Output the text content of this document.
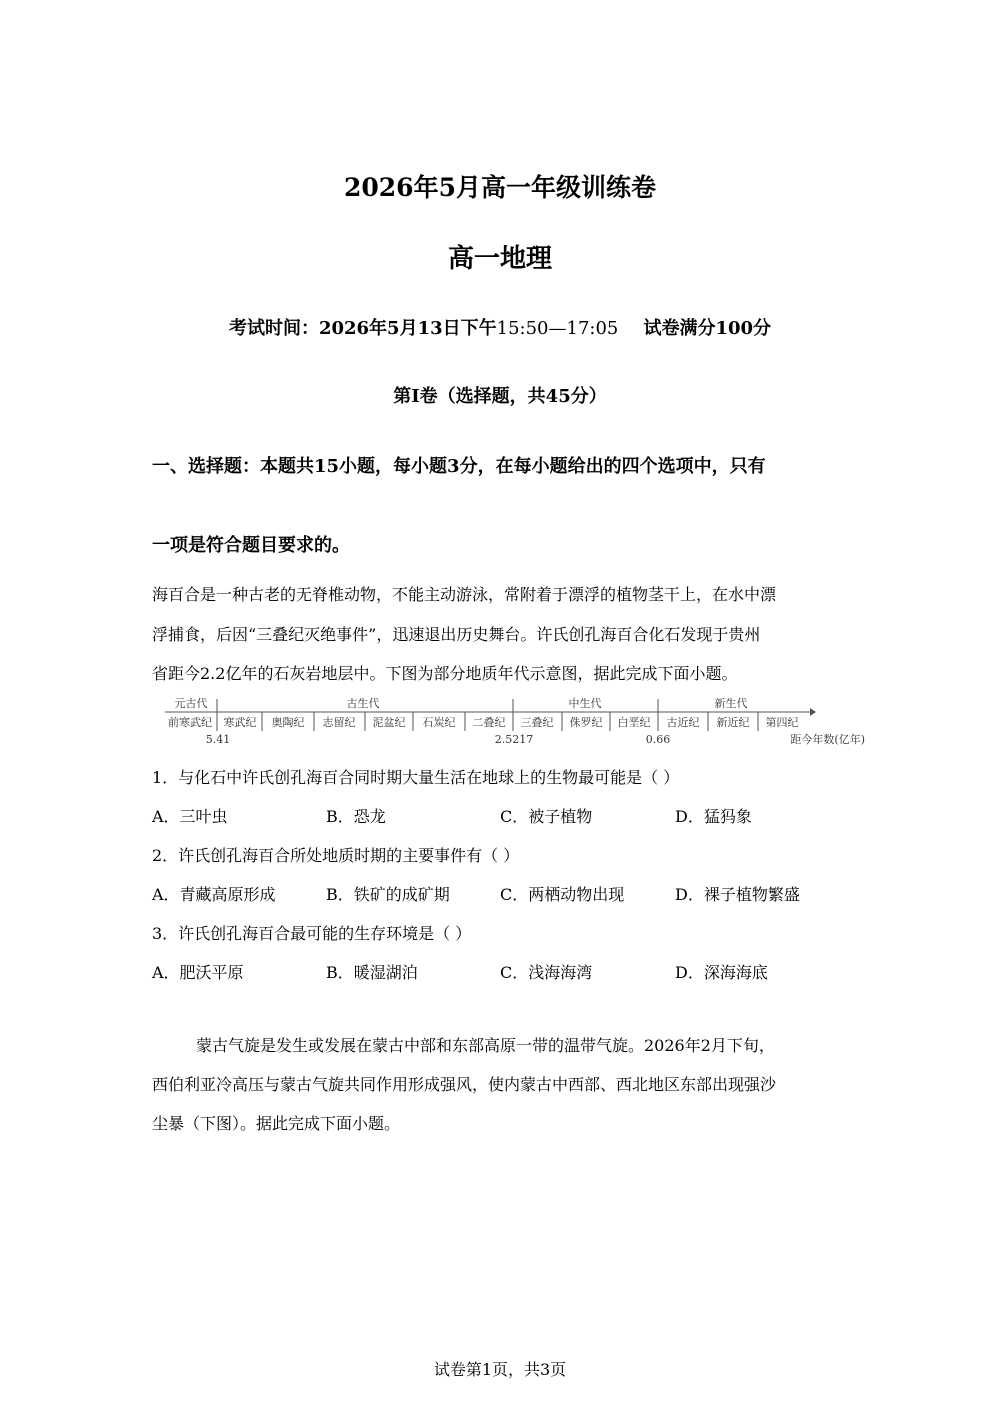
2026年5月高一年级训练卷
高一地理
考试时间：2026年5月13日下午15:50—17:05 试卷满分100分
第Ⅰ卷（选择题，共45分）
一、选择题：本题共15小题，每小题3分，在每小题给出的四个选项中，只有
一项是符合题目要求的。
海百合是一种古老的无脊椎动物，不能主动游泳，常附着于漂浮的植物茎干上，在水中漂
浮捕食，后因“三叠纪灭绝事件”，迅速退出历史舞台。许氏创孔海百合化石发现于贵州
省距今2.2亿年的石灰岩地层中。下图为部分地质年代示意图，据此完成下面小题。
元古代	古生代	中生代	新生代
前寒武纪 寒武纪 奥陶纪 志留纪 泥盆纪 石炭纪 二叠纪 三叠纪 侏罗纪 白垩纪 古近纪 新近纪 第四纪
5.41	2.5217	0.66	距今年数(亿年)
1．与化石中许氏创孔海百合同时期大量生活在地球上的生物最可能是（ ）
A．三叶虫	B．恐龙	C．被子植物	D．猛犸象
2．许氏创孔海百合所处地质时期的主要事件有（ ）
A．青藏高原形成	B．铁矿的成矿期	C．两栖动物出现	D．裸子植物繁盛
3．许氏创孔海百合最可能的生存环境是（ ）
A．肥沃平原	B．暖湿湖泊	C．浅海海湾	D．深海海底
蒙古气旋是发生或发展在蒙古中部和东部高原一带的温带气旋。2026年2月下旬，
西伯利亚冷高压与蒙古气旋共同作用形成强风，使内蒙古中西部、西北地区东部出现强沙
尘暴（下图）。据此完成下面小题。
试卷第1页，共3页
